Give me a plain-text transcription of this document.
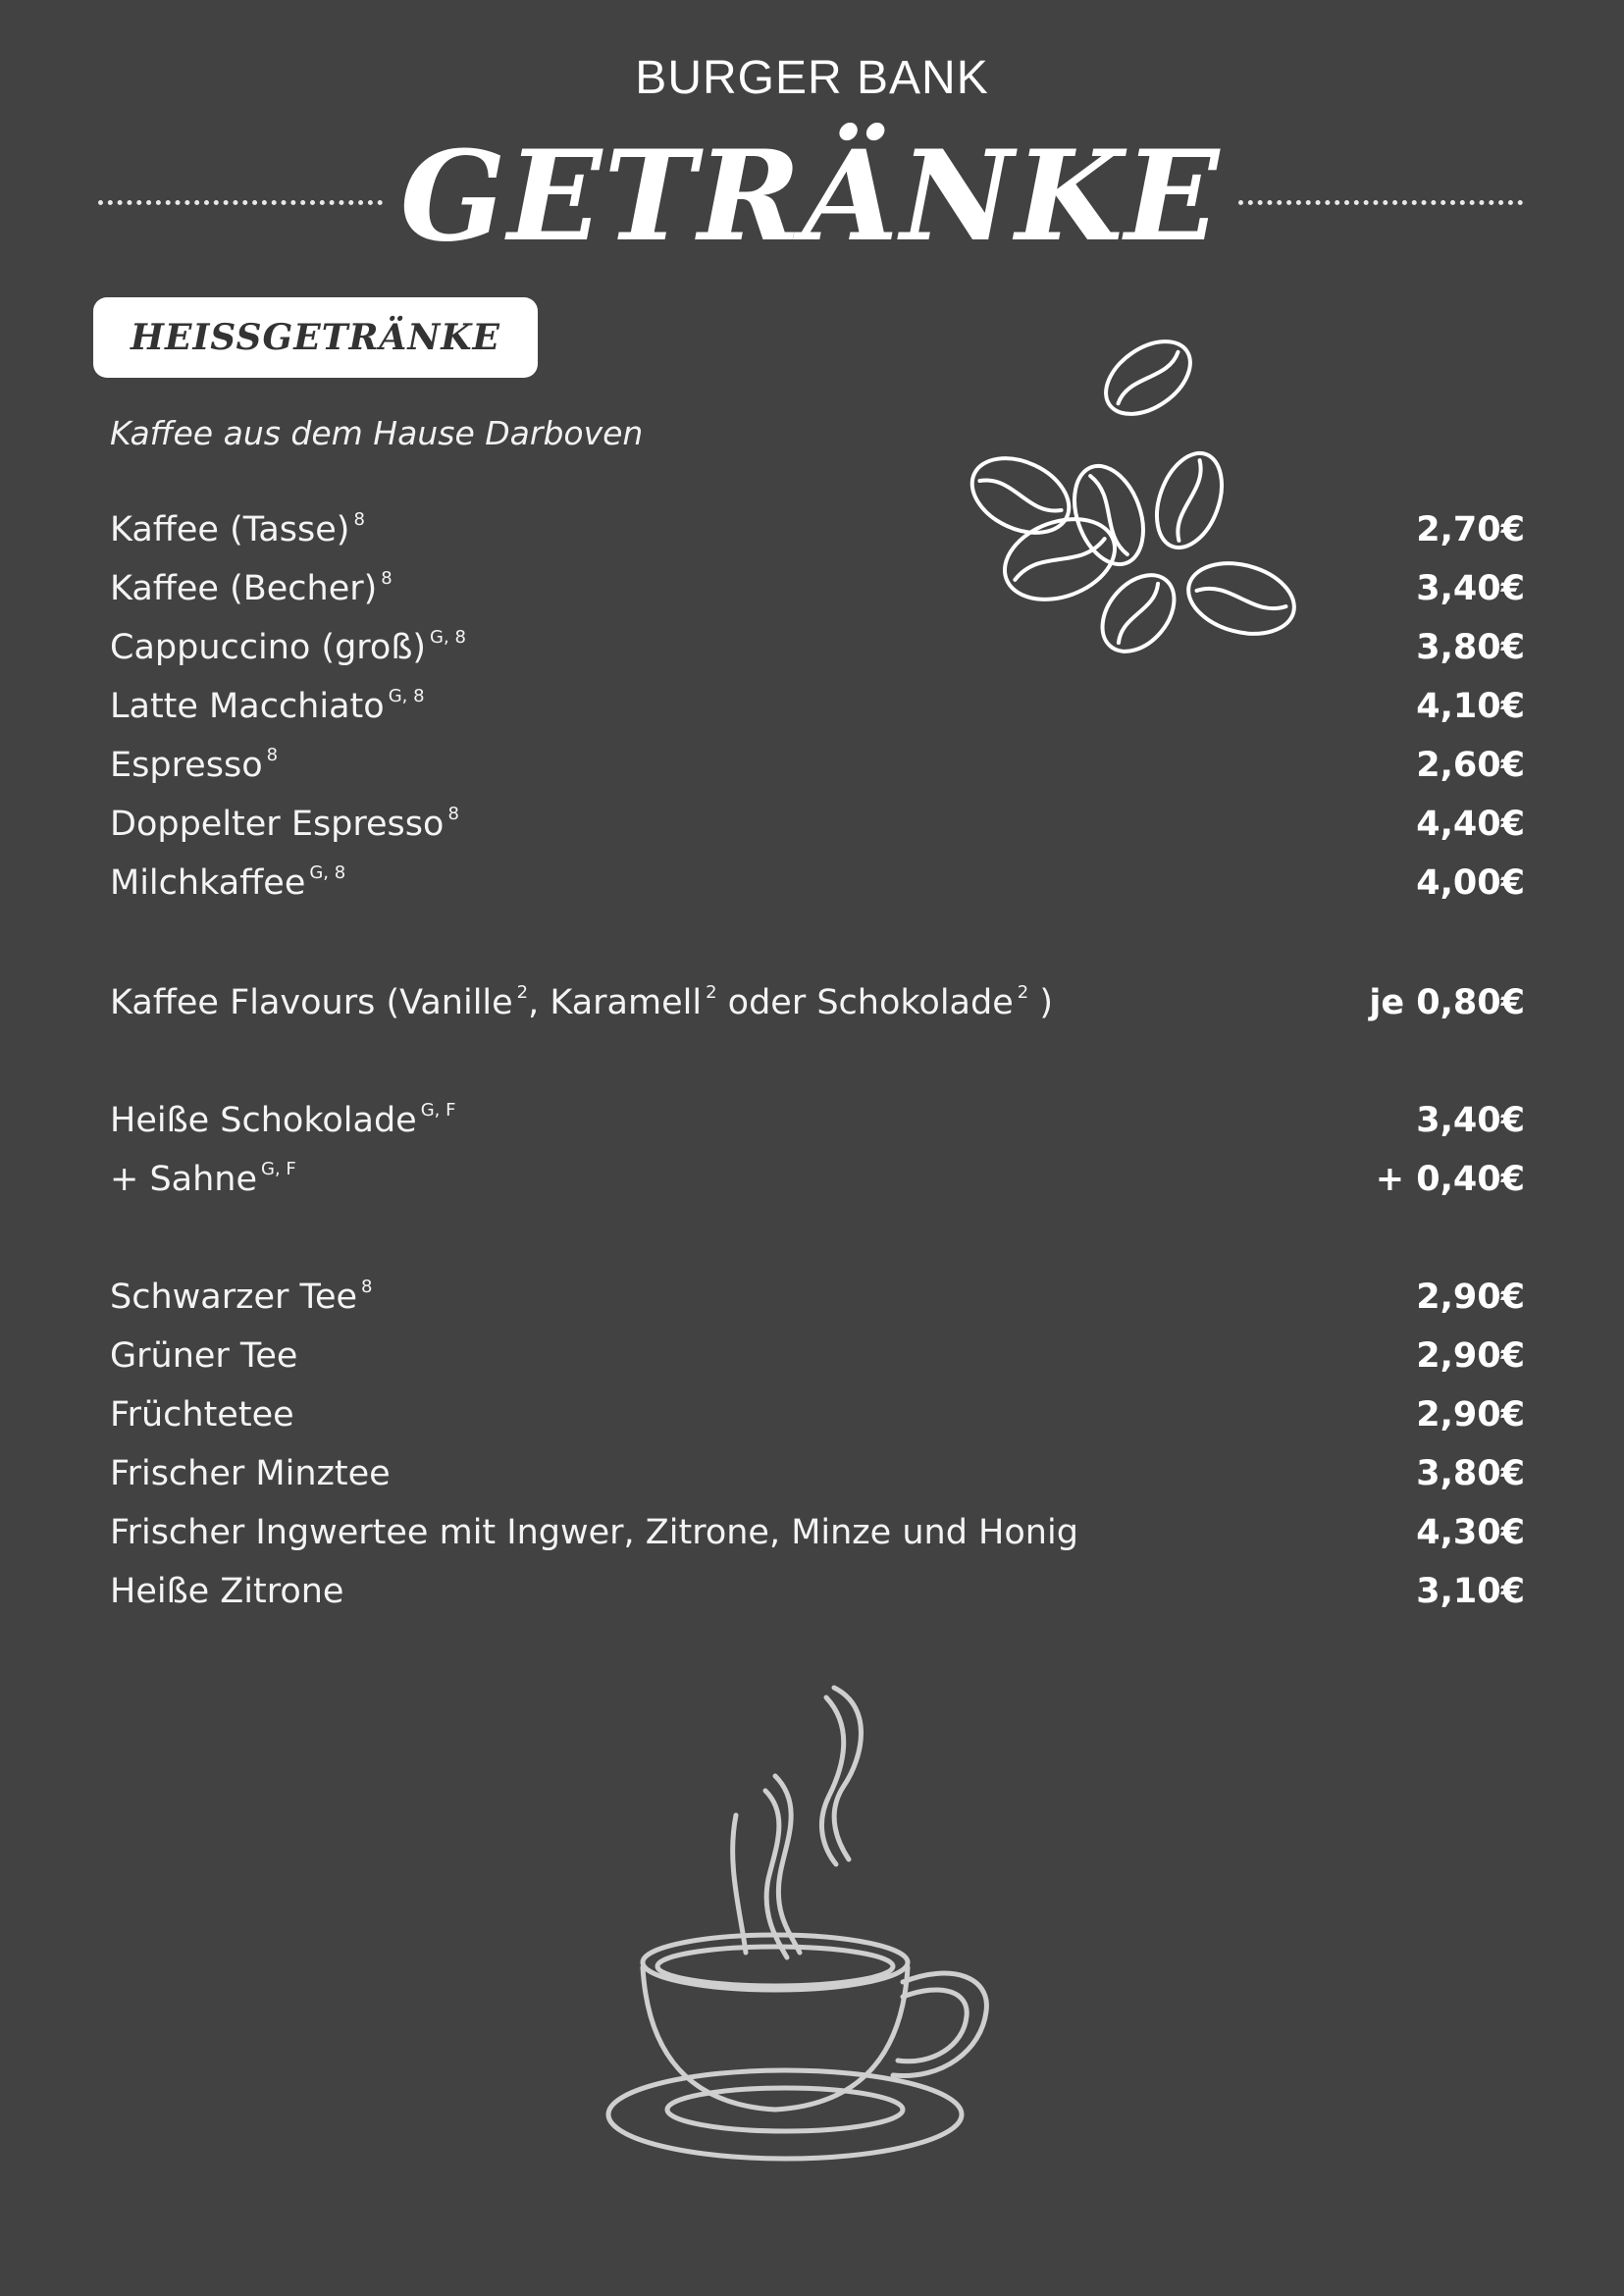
BURGER BANK
GETRÄNKE
HEISSGETRÄNKE
Kaffee aus dem Hause Darboven
Kaffee (Tasse) $^8$	2,70€
Kaffee (Becher) $^8$	3,40€
Cappuccino (groß) $^{G, 8}$	3,80€
Latte Macchiato $^{G, 8}$	4,10€
Espresso $^8$	2,60€
Doppelter Espresso $^8$	4,40€
Milchkaffee $^{G, 8}$	4,00€
Kaffee Flavours (Vanille $^2$, Karamell $^2$ oder Schokolade $^2$ )	je 0,80€
Heiße Schokolade $^{G, F}$	3,40€
+ Sahne $^{G, F}$	+ 0,40€
Schwarzer Tee $^8$	2,90€
Grüner Tee	2,90€
Früchtetee	2,90€
Frischer Minztee	3,80€
Frischer Ingwertee mit Ingwer, Zitrone, Minze und Honig	4,30€
Heiße Zitrone	3,10€
